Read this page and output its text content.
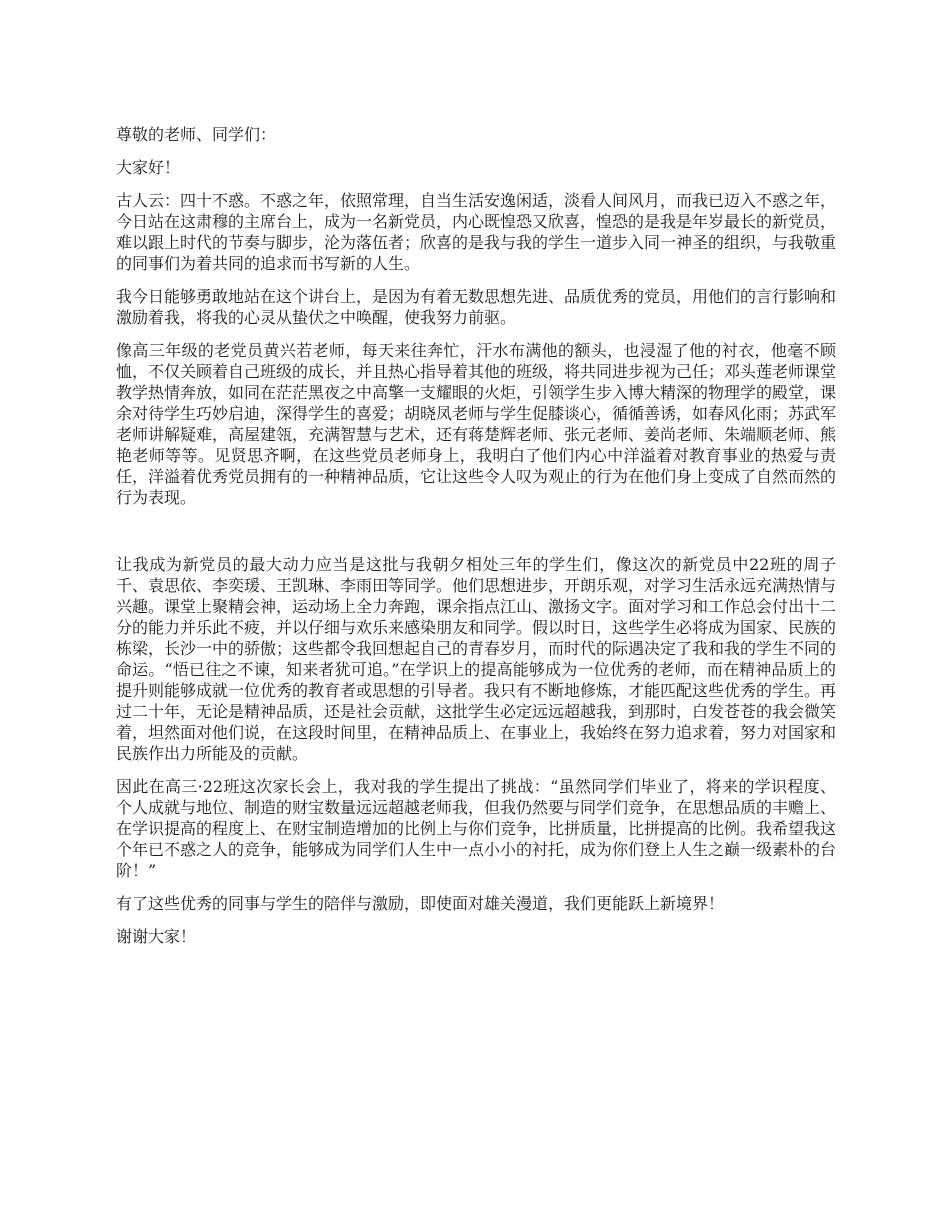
尊敬的老师、同学们：

大家好！

古人云：四十不惑。不惑之年，依照常理，自当生活安逸闲适，淡看人间风月，而我已迈入不惑之年，今日站在这肃穆的主席台上，成为一名新党员，内心既惶恐又欣喜，惶恐的是我是年岁最长的新党员，难以跟上时代的节奏与脚步，沦为落伍者；欣喜的是我与我的学生一道步入同一神圣的组织，与我敬重的同事们为着共同的追求而书写新的人生。

我今日能够勇敢地站在这个讲台上，是因为有着无数思想先进、品质优秀的党员，用他们的言行影响和激励着我，将我的心灵从蛰伏之中唤醒，使我努力前驱。

像高三年级的老党员黄兴若老师，每天来往奔忙，汗水布满他的额头，也浸湿了他的衬衣，他毫不顾恤，不仅关顾着自己班级的成长，并且热心指导着其他的班级，将共同进步视为己任；邓头莲老师课堂教学热情奔放，如同在茫茫黑夜之中高擎一支耀眼的火炬，引领学生步入博大精深的物理学的殿堂，课余对待学生巧妙启迪，深得学生的喜爱；胡晓凤老师与学生促膝谈心，循循善诱，如春风化雨；苏武军老师讲解疑难，高屋建瓴，充满智慧与艺术，还有蒋楚辉老师、张元老师、姜尚老师、朱端顺老师、熊艳老师等等。见贤思齐啊，在这些党员老师身上，我明白了他们内心中洋溢着对教育事业的热爱与责任，洋溢着优秀党员拥有的一种精神品质，它让这些令人叹为观止的行为在他们身上变成了自然而然的行为表现。

让我成为新党员的最大动力应当是这批与我朝夕相处三年的学生们，像这次的新党员中22班的周子千、袁思依、李奕瑗、王凯琳、李雨田等同学。他们思想进步，开朗乐观，对学习生活永远充满热情与兴趣。课堂上聚精会神，运动场上全力奔跑，课余指点江山、激扬文字。面对学习和工作总会付出十二分的能力并乐此不疲，并以仔细与欢乐来感染朋友和同学。假以时日，这些学生必将成为国家、民族的栋梁，长沙一中的骄傲；这些都令我回想起自己的青春岁月，而时代的际遇决定了我和我的学生不同的命运。“悟已往之不谏，知来者犹可追。”在学识上的提高能够成为一位优秀的老师，而在精神品质上的提升则能够成就一位优秀的教育者或思想的引导者。我只有不断地修炼，才能匹配这些优秀的学生。再过二十年，无论是精神品质，还是社会贡献，这批学生必定远远超越我，到那时，白发苍苍的我会微笑着，坦然面对他们说，在这段时间里，在精神品质上、在事业上，我始终在努力追求着，努力对国家和民族作出力所能及的贡献。

因此在高三·22班这次家长会上，我对我的学生提出了挑战：“虽然同学们毕业了，将来的学识程度、个人成就与地位、制造的财宝数量远远超越老师我，但我仍然要与同学们竞争，在思想品质的丰赡上、在学识提高的程度上、在财宝制造增加的比例上与你们竞争，比拼质量，比拼提高的比例。我希望我这个年已不惑之人的竞争，能够成为同学们人生中一点小小的衬托，成为你们登上人生之巅一级素朴的台阶！”

有了这些优秀的同事与学生的陪伴与激励，即使面对雄关漫道，我们更能跃上新境界！

谢谢大家！
